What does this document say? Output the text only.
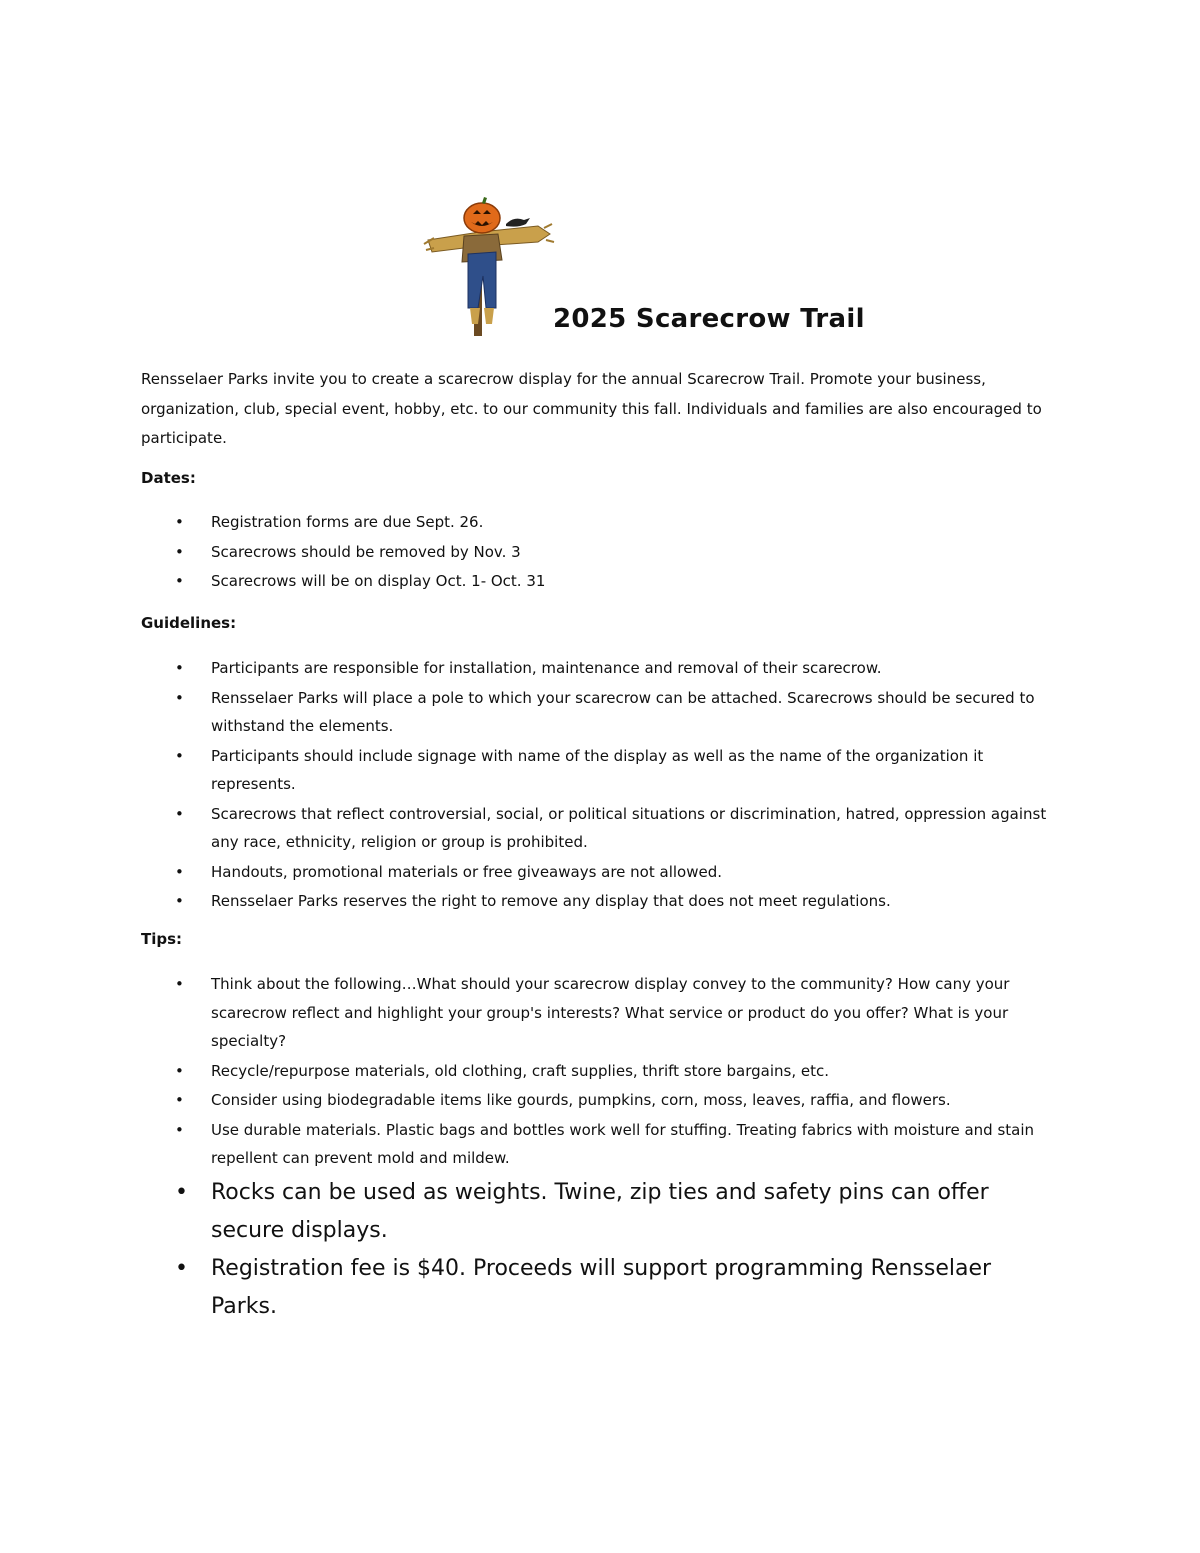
2025 Scarecrow Trail

Rensselaer Parks invite you to create a scarecrow display for the annual Scarecrow Trail. Promote your business, organization, club, special event, hobby, etc. to our community this fall. Individuals and families are also encouraged to participate.

Dates:
• Registration forms are due Sept. 26.
• Scarecrows should be removed by Nov. 3
• Scarecrows will be on display Oct. 1- Oct. 31
Guidelines:
• Participants are responsible for installation, maintenance and removal of their scarecrow.
• Rensselaer Parks will place a pole to which your scarecrow can be attached. Scarecrows should be secured to withstand the elements.
• Participants should include signage with name of the display as well as the name of the organization it represents.
• Scarecrows that reflect controversial, social, or political situations or discrimination, hatred, oppression against any race, ethnicity, religion or group is prohibited.
• Handouts, promotional materials or free giveaways are not allowed.
• Rensselaer Parks reserves the right to remove any display that does not meet regulations.
Tips:
• Think about the following…What should your scarecrow display convey to the community? How cany your scarecrow reflect and highlight your group's interests? What service or product do you offer? What is your specialty?
• Recycle/repurpose materials, old clothing, craft supplies, thrift store bargains, etc.
• Consider using biodegradable items like gourds, pumpkins, corn, moss, leaves, raffia, and flowers.
• Use durable materials. Plastic bags and bottles work well for stuffing. Treating fabrics with moisture and stain repellent can prevent mold and mildew.
• Rocks can be used as weights. Twine, zip ties and safety pins can offer secure displays.
• Registration fee is $40. Proceeds will support programming Rensselaer Parks.
